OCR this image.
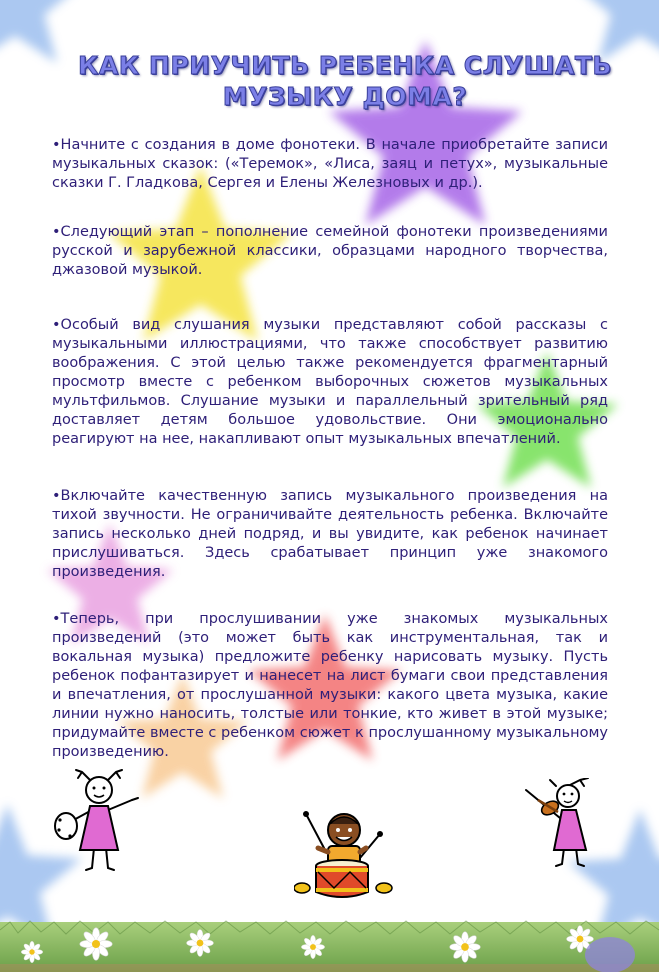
КАК ПРИУЧИТЬ РЕБЕНКА СЛУШАТЬ
МУЗЫКУ ДОМА?

•Начните с создания в доме фонотеки. В начале приобретайте записи музыкальных сказок: («Теремок», «Лиса, заяц и петух», музыкальные сказки Г. Гладкова, Сергея и Елены Железновых и др.).

•Следующий этап – пополнение семейной фонотеки произведениями русской и зарубежной классики, образцами народного творчества, джазовой музыкой.

•Особый вид слушания музыки представляют собой рассказы с музыкальными иллюстрациями, что также способствует развитию воображения. С этой целью также рекомендуется фрагментарный просмотр вместе с ребенком выборочных сюжетов музыкальных мультфильмов. Слушание музыки и параллельный зрительный ряд доставляет детям большое удовольствие. Они эмоционально реагируют на нее, накапливают опыт музыкальных впечатлений.

•Включайте качественную запись музыкального произведения на тихой звучности. Не ограничивайте деятельность ребенка. Включайте запись несколько дней подряд, и вы увидите, как ребенок начинает прислушиваться. Здесь срабатывает принцип уже знакомого произведения.

•Теперь, при прослушивании уже знакомых музыкальных произведений (это может быть как инструментальная, так и вокальная музыка) предложите ребенку нарисовать музыку. Пусть ребенок пофантазирует и нанесет на лист бумаги свои представления и впечатления, от прослушанной музыки: какого цвета музыка, какие линии нужно наносить, толстые или тонкие, кто живет в этой музыке; придумайте вместе с ребенком сюжет к прослушанному музыкальному произведению.
